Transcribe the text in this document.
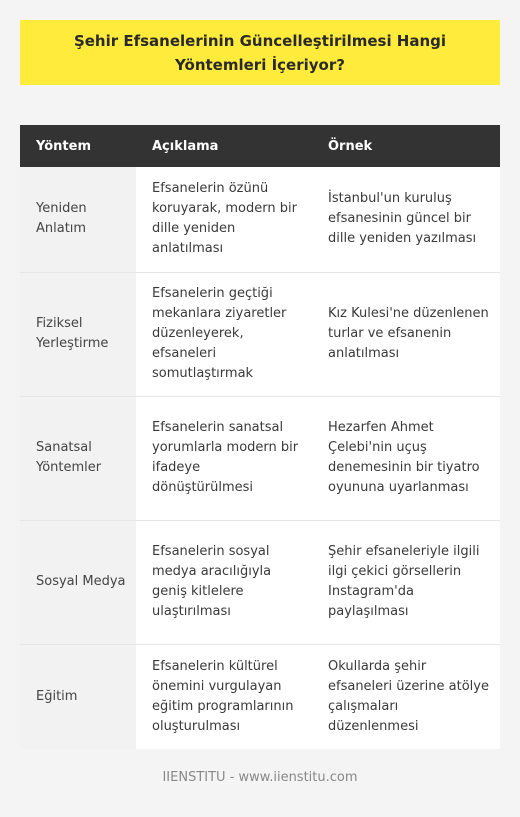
Şehir Efsanelerinin Güncelleştirilmesi Hangi Yöntemleri İçeriyor?
Yöntem	Açıklama	Örnek
Yeniden Anlatım	Efsanelerin özünü koruyarak, modern bir dille yeniden anlatılması	İstanbul'un kuruluş efsanesinin güncel bir dille yeniden yazılması
Fiziksel Yerleştirme	Efsanelerin geçtiği mekanlara ziyaretler düzenleyerek, efsaneleri somutlaştırmak	Kız Kulesi'ne düzenlenen turlar ve efsanenin anlatılması
Sanatsal Yöntemler	Efsanelerin sanatsal yorumlarla modern bir ifadeye dönüştürülmesi	Hezarfen Ahmet Çelebi'nin uçuş denemesinin bir tiyatro oyununa uyarlanması
Sosyal Medya	Efsanelerin sosyal medya aracılığıyla geniş kitlelere ulaştırılması	Şehir efsaneleriyle ilgili ilgi çekici görsellerin Instagram'da paylaşılması
Eğitim	Efsanelerin kültürel önemini vurgulayan eğitim programlarının oluşturulması	Okullarda şehir efsaneleri üzerine atölye çalışmaları düzenlenmesi
IIENSTITU - www.iienstitu.com
